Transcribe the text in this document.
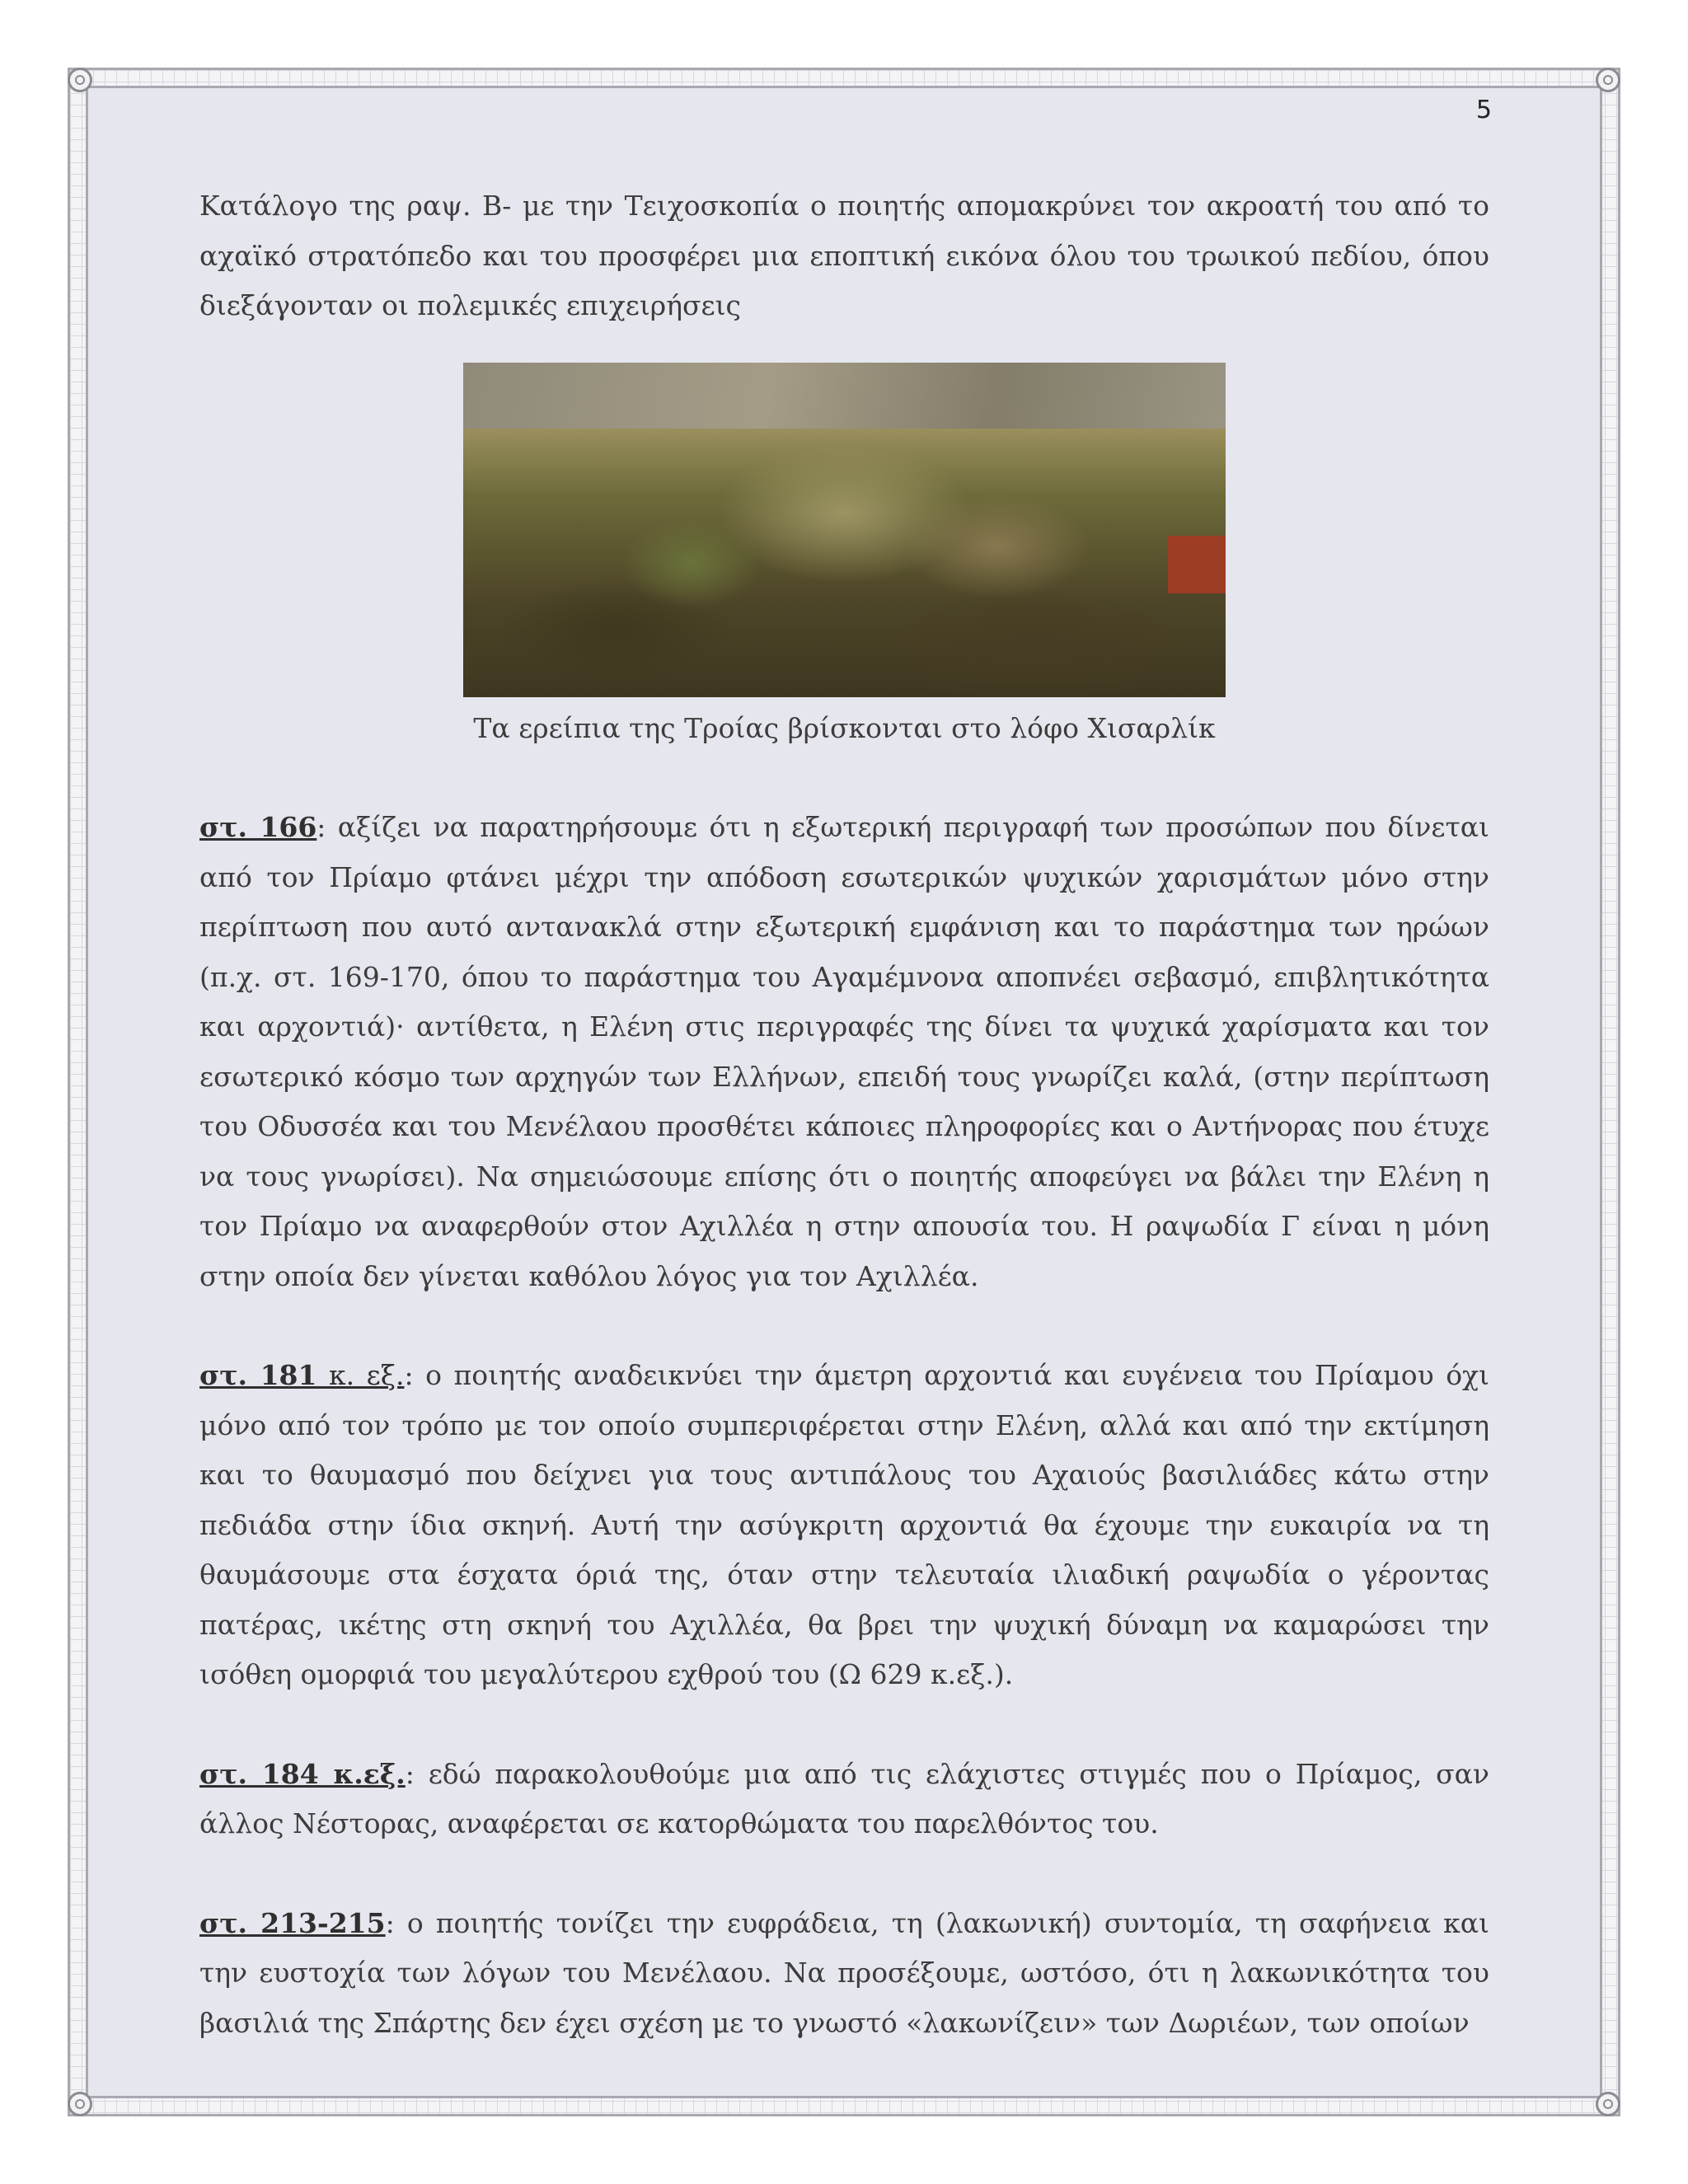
5

Κατάλογο της ραψ. Β- με την Τειχοσκοπία ο ποιητής απομακρύνει τον ακροατή του από το αχαϊκό στρατόπεδο και του προσφέρει μια εποπτική εικόνα όλου του τρωικού πεδίου, όπου διεξάγονταν οι πολεμικές επιχειρήσεις

Τα ερείπια της Τροίας βρίσκονται στο λόφο Χισαρλίκ

στ. 166: αξίζει να παρατηρήσουμε ότι η εξωτερική περιγραφή των προσώπων που δίνεται από τον Πρίαμο φτάνει μέχρι την απόδοση εσωτερικών ψυχικών χαρισμάτων μόνο στην περίπτωση που αυτό αντανακλά στην εξωτερική εμφάνιση και το παράστημα των ηρώων (π.χ. στ. 169-170, όπου το παράστημα του Αγαμέμνονα αποπνέει σεβασμό, επιβλητικότητα και αρχοντιά)· αντίθετα, η Ελένη στις περιγραφές της δίνει τα ψυχικά χαρίσματα και τον εσωτερικό κόσμο των αρχηγών των Ελλήνων, επειδή τους γνωρίζει καλά, (στην περίπτωση του Οδυσσέα και του Μενέλαου προσθέτει κάποιες πληροφορίες και ο Αντήνορας που έτυχε να τους γνωρίσει). Να σημειώσουμε επίσης ότι ο ποιητής αποφεύγει να βάλει την Ελένη η τον Πρίαμο να αναφερθούν στον Αχιλλέα η στην απουσία του. Η ραψωδία Γ είναι η μόνη στην οποία δεν γίνεται καθόλου λόγος για τον Αχιλλέα.

στ. 181 κ. εξ.: ο ποιητής αναδεικνύει την άμετρη αρχοντιά και ευγένεια του Πρίαμου όχι μόνο από τον τρόπο με τον οποίο συμπεριφέρεται στην Ελένη, αλλά και από την εκτίμηση και το θαυμασμό που δείχνει για τους αντιπάλους του Αχαιούς βασιλιάδες κάτω στην πεδιάδα στην ίδια σκηνή. Αυτή την ασύγκριτη αρχοντιά θα έχουμε την ευκαιρία να τη θαυμάσουμε στα έσχατα όριά της, όταν στην τελευταία ιλιαδική ραψωδία ο γέροντας πατέρας, ικέτης στη σκηνή του Αχιλλέα, θα βρει την ψυχική δύναμη να καμαρώσει την ισόθεη ομορφιά του μεγαλύτερου εχθρού του (Ω 629 κ.εξ.).

στ. 184 κ.εξ.: εδώ παρακολουθούμε μια από τις ελάχιστες στιγμές που ο Πρίαμος, σαν άλλος Νέστορας, αναφέρεται σε κατορθώματα του παρελθόντος του.

στ. 213-215: ο ποιητής τονίζει την ευφράδεια, τη (λακωνική) συντομία, τη σαφήνεια και την ευστοχία των λόγων του Μενέλαου. Να προσέξουμε, ωστόσο, ότι η λακωνικότητα του βασιλιά της Σπάρτης δεν έχει σχέση με το γνωστό «λακωνίζειν» των Δωριέων, των οποίων
